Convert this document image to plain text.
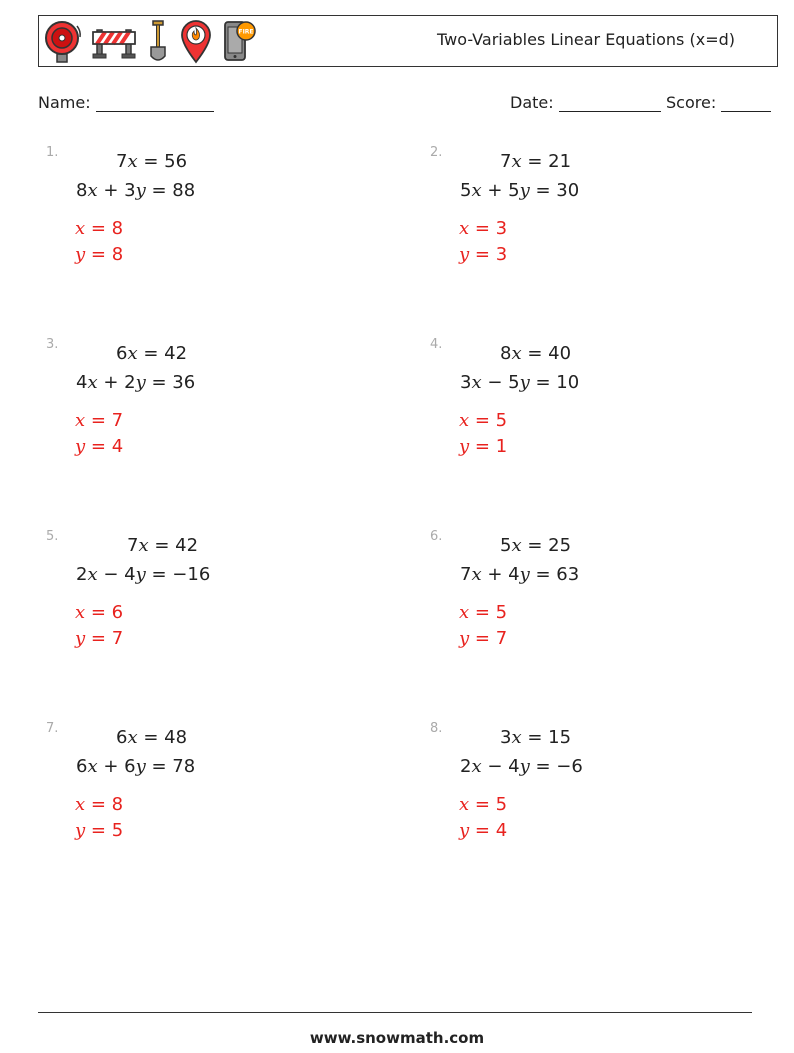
FIRE	Two-Variables Linear Equations (x=d)
Name:	Date:	Score:
1.	7x = 56
8x + 3y = 88
x = 8
y = 8
2.	7x = 21
5x + 5y = 30
x = 3
y = 3
3.	6x = 42
4x + 2y = 36
x = 7
y = 4
4.	8x = 40
3x − 5y = 10
x = 5
y = 1
5.	7x = 42
2x − 4y = −16
x = 6
y = 7
6.	5x = 25
7x + 4y = 63
x = 5
y = 7
7.	6x = 48
6x + 6y = 78
x = 8
y = 5
8.	3x = 15
2x − 4y = −6
x = 5
y = 4
www.snowmath.com
